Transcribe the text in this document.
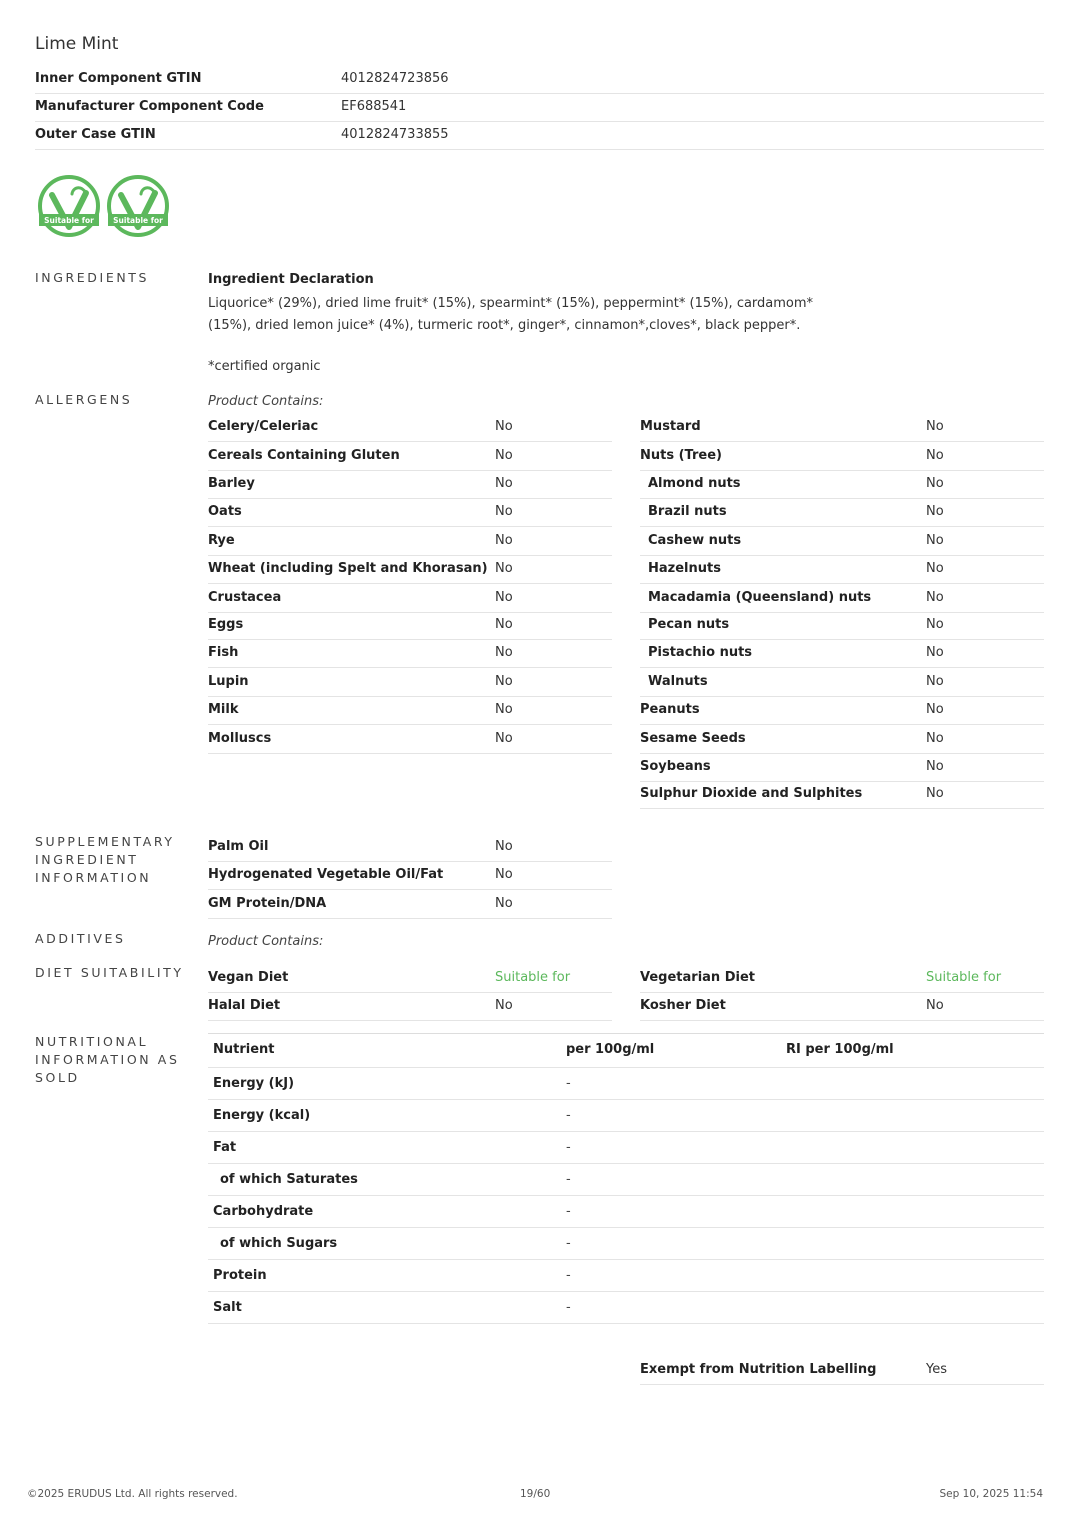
Lime Mint
Inner Component GTIN	4012824723856
Manufacturer Component Code	EF688541
Outer Case GTIN	4012824733855
Suitable for	Suitable for
INGREDIENTS	Ingredient Declaration
Liquorice* (29%), dried lime fruit* (15%), spearmint* (15%), peppermint* (15%), cardamom* (15%), dried lemon juice* (4%), turmeric root*, ginger*, cinnamon*,cloves*, black pepper*.
*certified organic
ALLERGENS	Product Contains:
Celery/Celeriac	No
Cereals Containing Gluten	No
Barley	No
Oats	No
Rye	No
Wheat (including Spelt and Khorasan) No
Crustacea	No
Eggs	No
Fish	No
Lupin	No
Milk	No
Molluscs	No
Mustard	No
Nuts (Tree)	No
Almond nuts	No
Brazil nuts	No
Cashew nuts	No
Hazelnuts	No
Macadamia (Queensland) nuts	No
Pecan nuts	No
Pistachio nuts	No
Walnuts	No
Peanuts	No
Sesame Seeds	No
Soybeans	No
Sulphur Dioxide and Sulphites	No
SUPPLEMENTARY INGREDIENT INFORMATION
Palm Oil	No
Hydrogenated Vegetable Oil/Fat	No
GM Protein/DNA	No
ADDITIVES	Product Contains:
DIET SUITABILITY	Vegan Diet	Suitable for
Halal Diet	No
Vegetarian Diet	Suitable for
Kosher Diet	No
NUTRITIONAL INFORMATION AS SOLD
Nutrient	per 100g/ml	RI per 100g/ml
Energy (kJ)	-
Energy (kcal)	-
Fat	-
of which Saturates	-
Carbohydrate	-
of which Sugars	-
Protein	-
Salt	-
Exempt from Nutrition Labelling	Yes
©2025 ERUDUS Ltd. All rights reserved.	19/60	Sep 10, 2025 11:54
